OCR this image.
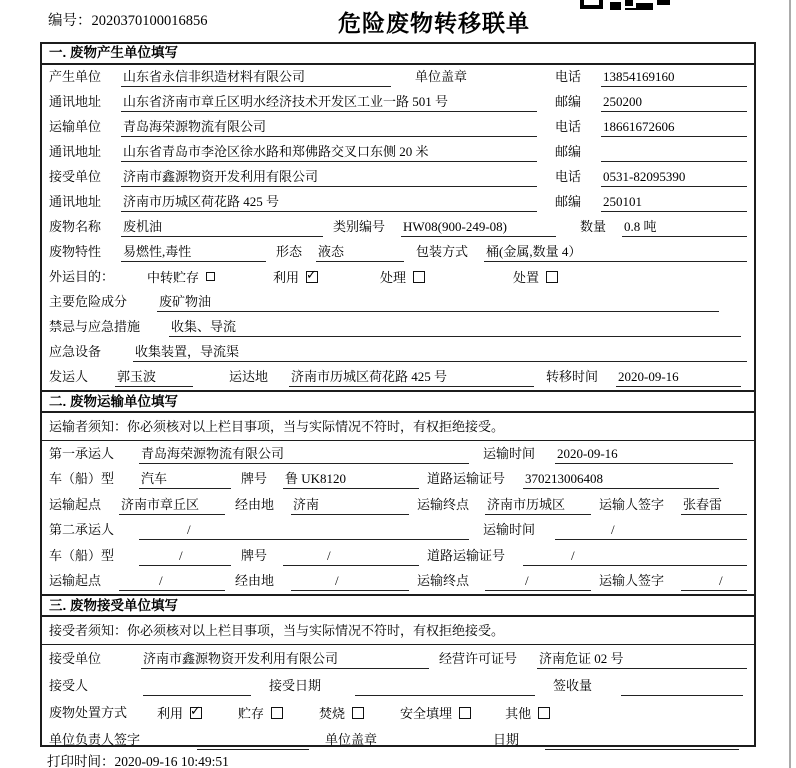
编号：2020370100016856	危险废物转移联单
一. 废物产生单位填写
产生单位	山东省永信非织造材料有限公司	单位盖章	电话	13854169160
通讯地址	山东省济南市章丘区明水经济技术开发区工业一路 501 号	邮编	250200
运输单位	青岛海荣源物流有限公司	电话	18661672606
通讯地址	山东省青岛市李沧区徐水路和郑佛路交叉口东侧 20 米	邮编
接受单位	济南市鑫源物资开发利用有限公司	电话	0531-82095390
通讯地址	济南市历城区荷花路 425 号	邮编	250101
废物名称	废机油	类别编号	HW08(900-249-08)	数量	0.8 吨
废物特性	易燃性,毒性	形态	液态	包装方式	桶(金属,数量 4）
外运目的：	中转贮存	利用 ✓	处理	处置
主要危险成分	废矿物油
禁忌与应急措施	收集、导流
应急设备	收集装置，导流渠
发运人	郭玉波	运达地	济南市历城区荷花路 425 号	转移时间	2020-09-16
二. 废物运输单位填写
运输者须知：你必须核对以上栏目事项，当与实际情况不符时，有权拒绝接受。
第一承运人	青岛海荣源物流有限公司	运输时间	2020-09-16
车（船）型	汽车	牌号	鲁 UK8120	道路运输证号	370213006408
运输起点	济南市章丘区	经由地	济南	运输终点	济南市历城区	运输人签字	张春雷
第二承运人	/	运输时间	/
车（船）型	/	牌号	/	道路运输证号	/
运输起点	/	经由地	/	运输终点	/	运输人签字	/
三. 废物接受单位填写
接受者须知：你必须核对以上栏目事项，当与实际情况不符时，有权拒绝接受。
接受单位	济南市鑫源物资开发利用有限公司	经营许可证号	济南危证 02 号
接受人	接受日期	签收量
废物处置方式	利用 ✓	贮存	焚烧	安全填埋	其他
单位负责人签字	单位盖章	日期
打印时间：2020-09-16 10:49:51
